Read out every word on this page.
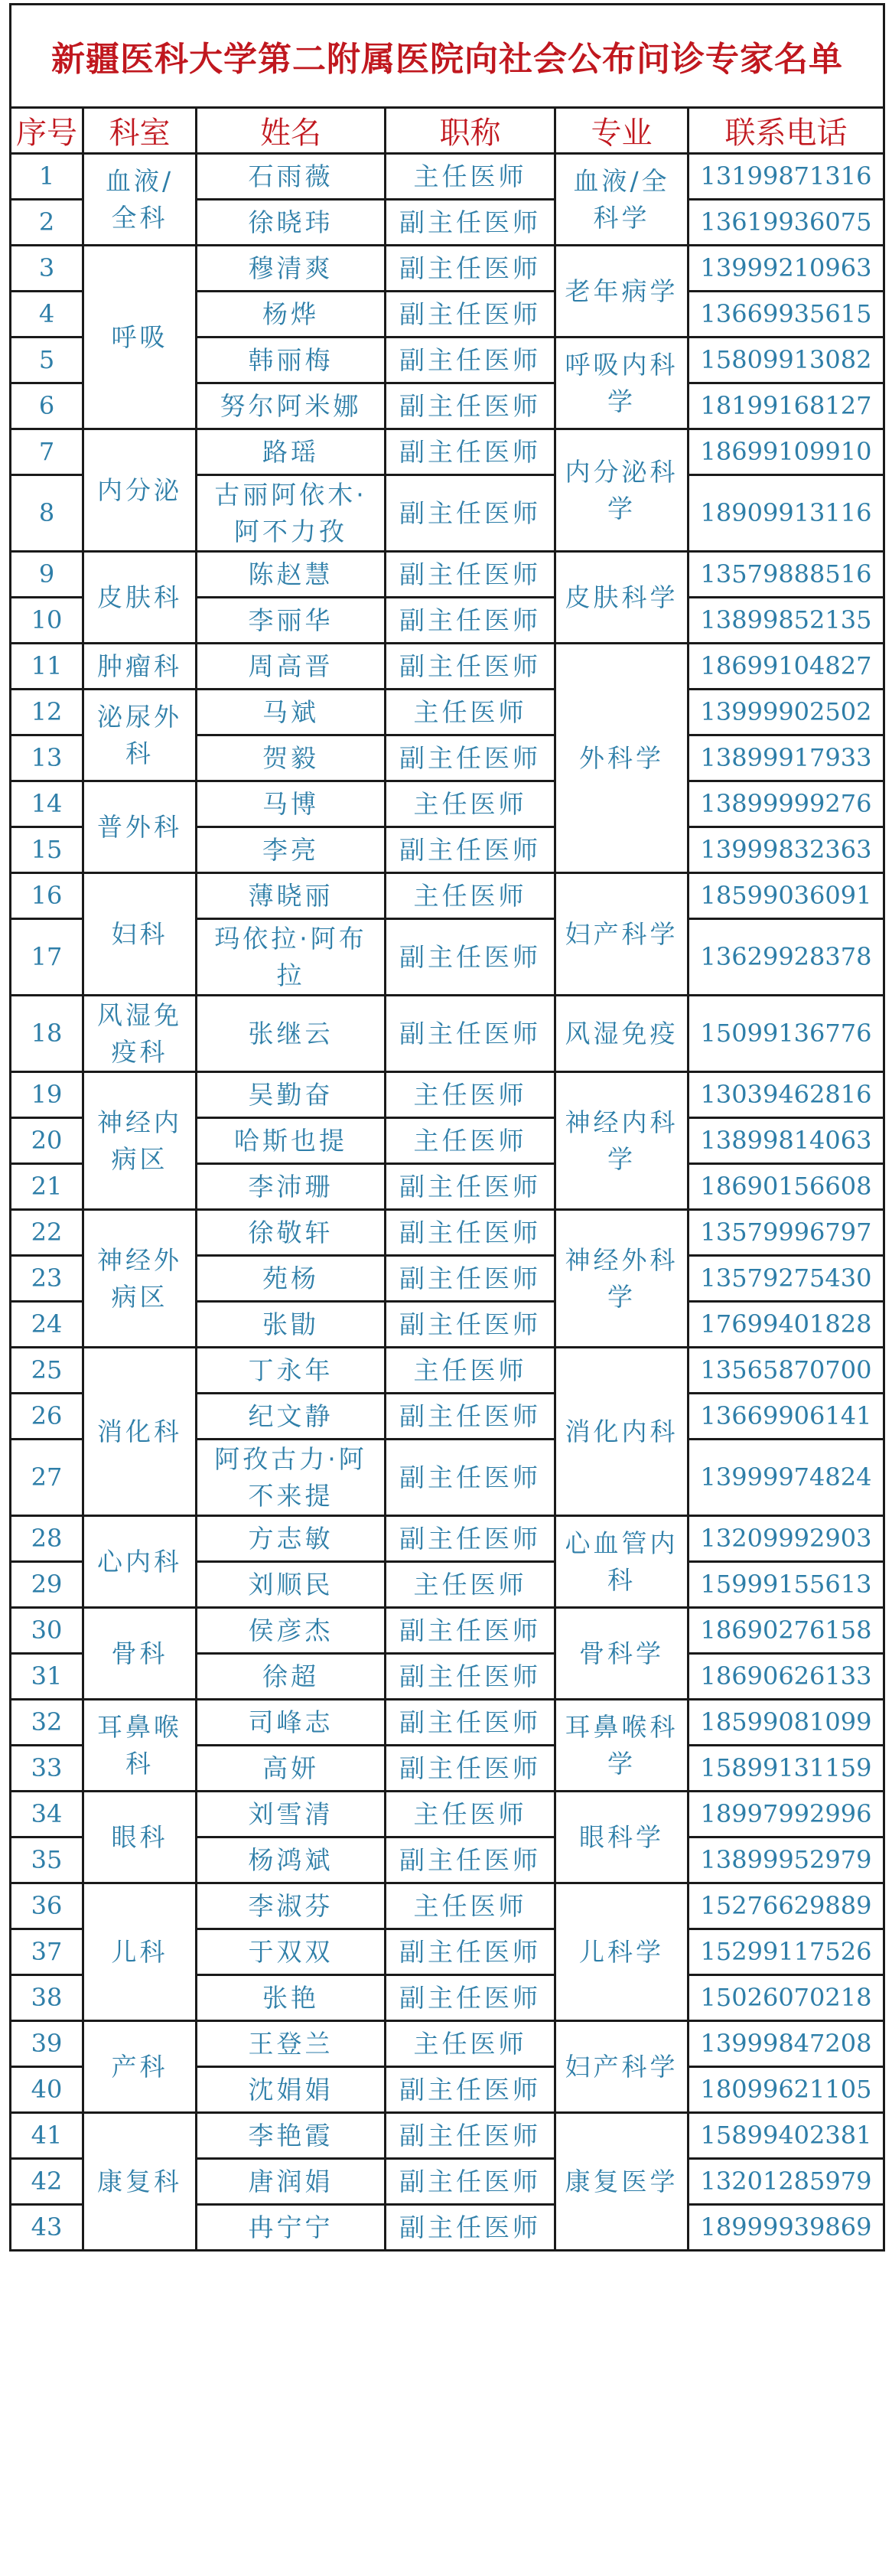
新疆医科大学第二附属医院向社会公布问诊专家名单					
序号	科室	姓名	职称	专业	联系电话
1	血液/全科	石雨薇	主任医师	血液/全科学	13199871316
2		徐晓玮	副主任医师		13619936075
3	呼吸	穆清爽	副主任医师	老年病学	13999210963
4		杨烨	副主任医师		13669935615
5		韩丽梅	副主任医师	呼吸内科学	15809913082
6		努尔阿米娜	副主任医师		18199168127
7	内分泌	路瑶	副主任医师	内分泌科学	18699109910
8		古丽阿依木·阿不力孜	副主任医师		18909913116
9	皮肤科	陈赵慧	副主任医师	皮肤科学	13579888516
10		李丽华	副主任医师		13899852135
11	肿瘤科	周高晋	副主任医师	外科学	18699104827
12	泌尿外科	马斌	主任医师		13999902502
13		贺毅	副主任医师		13899917933
14	普外科	马博	主任医师		13899999276
15		李亮	副主任医师		13999832363
16	妇科	薄晓丽	主任医师	妇产科学	18599036091
17		玛依拉·阿布拉	副主任医师		13629928378
18	风湿免疫科	张继云	副主任医师	风湿免疫	15099136776
19	神经内病区	吴勤奋	主任医师	神经内科学	13039462816
20		哈斯也提	主任医师		13899814063
21		李沛珊	副主任医师		18690156608
22	神经外病区	徐敬轩	副主任医师	神经外科学	13579996797
23		苑杨	副主任医师		13579275430
24		张勖	副主任医师		17699401828
25	消化科	丁永年	主任医师	消化内科	13565870700
26		纪文静	副主任医师		13669906141
27		阿孜古力·阿不来提	副主任医师		13999974824
28	心内科	方志敏	副主任医师	心血管内科	13209992903
29		刘顺民	主任医师		15999155613
30	骨科	侯彦杰	副主任医师	骨科学	18690276158
31		徐超	副主任医师		18690626133
32	耳鼻喉科	司峰志	副主任医师	耳鼻喉科学	18599081099
33		高妍	副主任医师		15899131159
34	眼科	刘雪清	主任医师	眼科学	18997992996
35		杨鸿斌	副主任医师		13899952979
36	儿科	李淑芬	主任医师	儿科学	15276629889
37		于双双	副主任医师		15299117526
38		张艳	副主任医师		15026070218
39	产科	王登兰	主任医师	妇产科学	13999847208
40		沈娟娟	副主任医师		18099621105
41	康复科	李艳霞	副主任医师	康复医学	15899402381
42		唐润娟	副主任医师		13201285979
43		冉宁宁	副主任医师		18999939869
